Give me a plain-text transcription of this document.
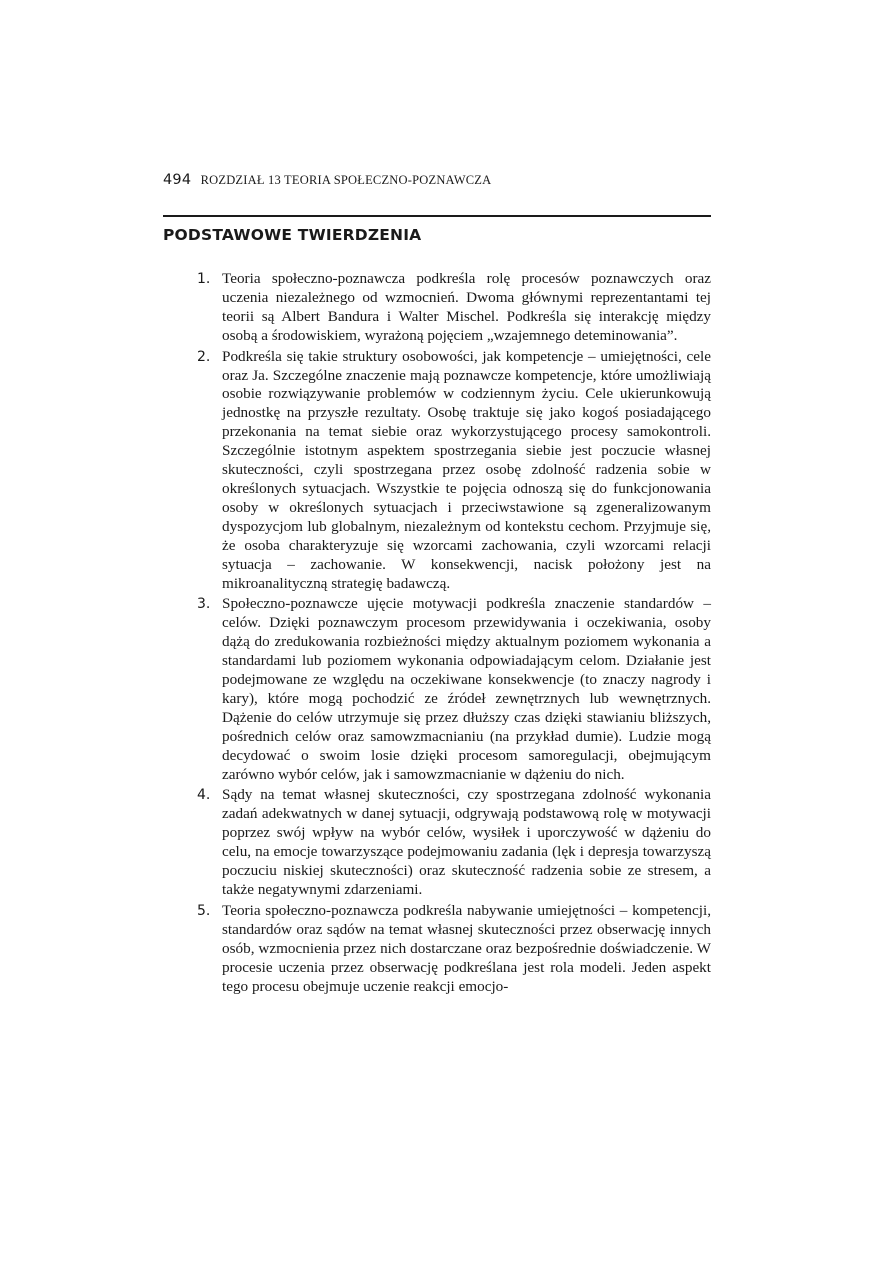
494 ROZDZIAŁ 13 TEORIA SPOŁECZNO-POZNAWCZA
PODSTAWOWE TWIERDZENIA
1. Teoria społeczno-poznawcza podkreśla rolę procesów poznawczych oraz uczenia niezależnego od wzmocnień. Dwoma głównymi reprezentantami tej teorii są Albert Bandura i Walter Mischel. Podkreśla się interakcję między osobą a środowiskiem, wyrażoną pojęciem „wzajemnego deteminowania”.
2. Podkreśla się takie struktury osobowości, jak kompetencje – umiejętności, cele oraz Ja. Szczególne znaczenie mają poznawcze kompetencje, które umożliwiają osobie rozwiązywanie problemów w codziennym życiu. Cele ukierunkowują jednostkę na przyszłe rezultaty. Osobę traktuje się jako kogoś posiadającego przekonania na temat siebie oraz wykorzystującego procesy samokontroli. Szczególnie istotnym aspektem spostrzegania siebie jest poczucie własnej skuteczności, czyli spostrzegana przez osobę zdolność radzenia sobie w określonych sytuacjach. Wszystkie te pojęcia odnoszą się do funkcjonowania osoby w określonych sytuacjach i przeciwstawione są zgeneralizowanym dyspozycjom lub globalnym, niezależnym od kontekstu cechom. Przyjmuje się, że osoba charakteryzuje się wzorcami zachowania, czyli wzorcami relacji sytuacja – zachowanie. W konsekwencji, nacisk położony jest na mikroanalityczną strategię badawczą.
3. Społeczno-poznawcze ujęcie motywacji podkreśla znaczenie standardów – celów. Dzięki poznawczym procesom przewidywania i oczekiwania, osoby dążą do zredukowania rozbieżności między aktualnym poziomem wykonania a standardami lub poziomem wykonania odpowiadającym celom. Działanie jest podejmowane ze względu na oczekiwane konsekwencje (to znaczy nagrody i kary), które mogą pochodzić ze źródeł zewnętrznych lub wewnętrznych. Dążenie do celów utrzymuje się przez dłuższy czas dzięki stawianiu bliższych, pośrednich celów oraz samowzmacnianiu (na przykład dumie). Ludzie mogą decydować o swoim losie dzięki procesom samoregulacji, obejmującym zarówno wybór celów, jak i samowzmacnianie w dążeniu do nich.
4. Sądy na temat własnej skuteczności, czy spostrzegana zdolność wykonania zadań adekwatnych w danej sytuacji, odgrywają podstawową rolę w motywacji poprzez swój wpływ na wybór celów, wysiłek i uporczywość w dążeniu do celu, na emocje towarzyszące podejmowaniu zadania (lęk i depresja towarzyszą poczuciu niskiej skuteczności) oraz skuteczność radzenia sobie ze stresem, a także negatywnymi zdarzeniami.
5. Teoria społeczno-poznawcza podkreśla nabywanie umiejętności – kompetencji, standardów oraz sądów na temat własnej skuteczności przez obserwację innych osób, wzmocnienia przez nich dostarczane oraz bezpośrednie doświadczenie. W procesie uczenia przez obserwację podkreślana jest rola modeli. Jeden aspekt tego procesu obejmuje uczenie reakcji emocjo-
